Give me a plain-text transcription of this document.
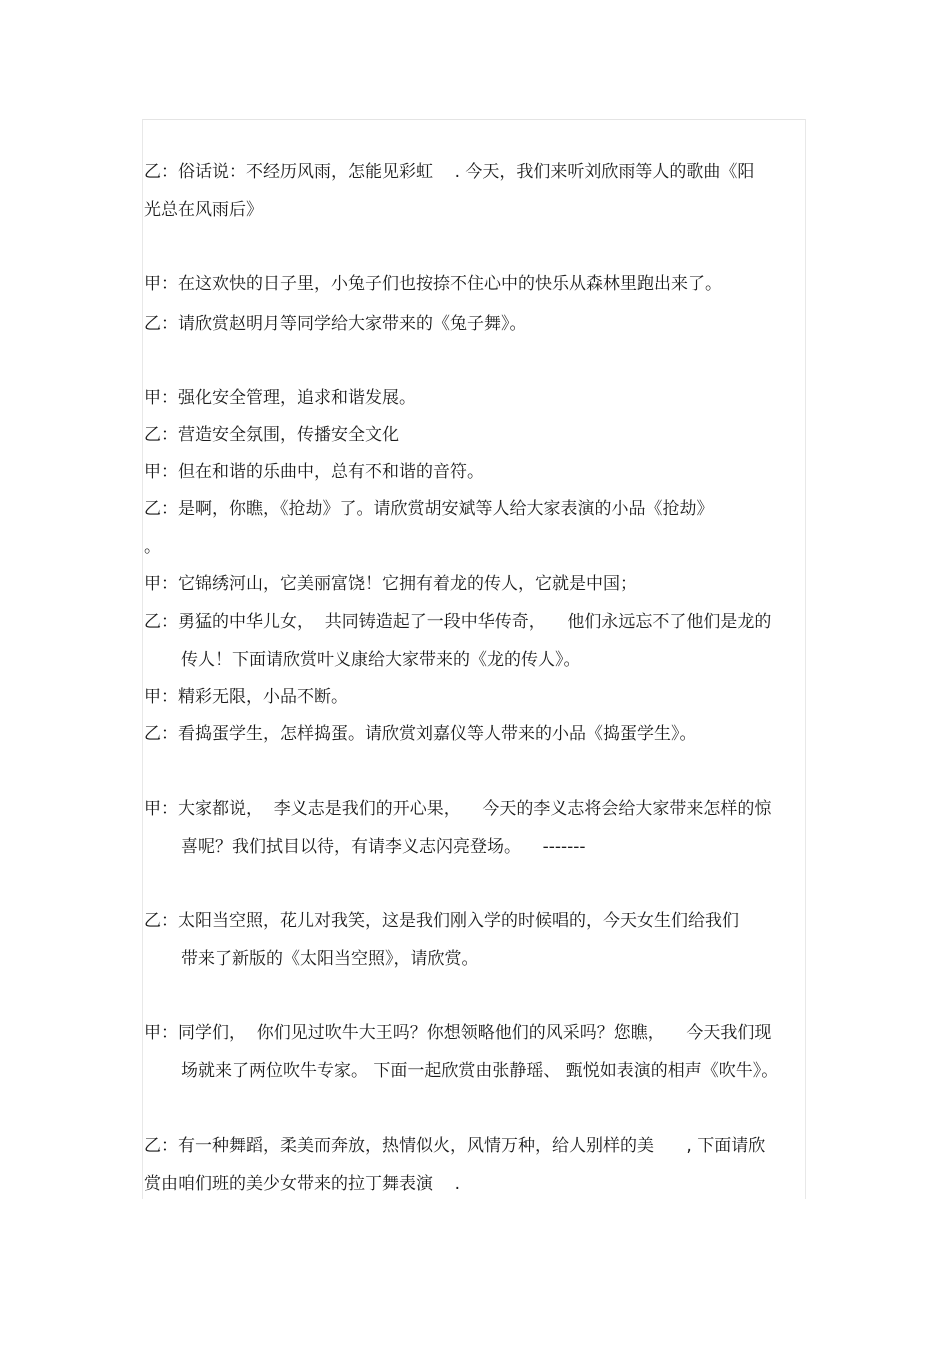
乙：俗话说：不经历风雨，怎能见彩虹    . 今天，我们来听刘欣雨等人的歌曲《阳
光总在风雨后》
甲：在这欢快的日子里，小兔子们也按捺不住心中的快乐从森林里跑出来了。
乙：请欣赏赵明月等同学给大家带来的《兔子舞》。
甲：强化安全管理，追求和谐发展。
乙：营造安全氛围，传播安全文化
甲：但在和谐的乐曲中，总有不和谐的音符。
乙：是啊，你瞧，《抢劫》了。请欣赏胡安斌等人给大家表演的小品《抢劫》
。
甲：它锦绣河山，它美丽富饶！它拥有着龙的传人，它就是中国；
乙：勇猛的中华儿女，  共同铸造起了一段中华传奇，    他们永远忘不了他们是龙的
传人！下面请欣赏叶义康给大家带来的《龙的传人》。
甲：精彩无限，小品不断。
乙：看捣蛋学生，怎样捣蛋。请欣赏刘嘉仪等人带来的小品《捣蛋学生》。
甲：大家都说，  李义志是我们的开心果，    今天的李义志将会给大家带来怎样的惊
喜呢？我们拭目以待，有请李义志闪亮登场。    -------
乙：太阳当空照，花儿对我笑，这是我们刚入学的时候唱的，今天女生们给我们
带来了新版的《太阳当空照》，请欣赏。
甲：同学们，  你们见过吹牛大王吗？你想领略他们的风采吗？您瞧，    今天我们现
场就来了两位吹牛专家。 下面一起欣赏由张静瑶、 甄悦如表演的相声《吹牛》。
乙：有一种舞蹈，柔美而奔放，热情似火，风情万种，给人别样的美      , 下面请欣
赏由咱们班的美少女带来的拉丁舞表演    .
